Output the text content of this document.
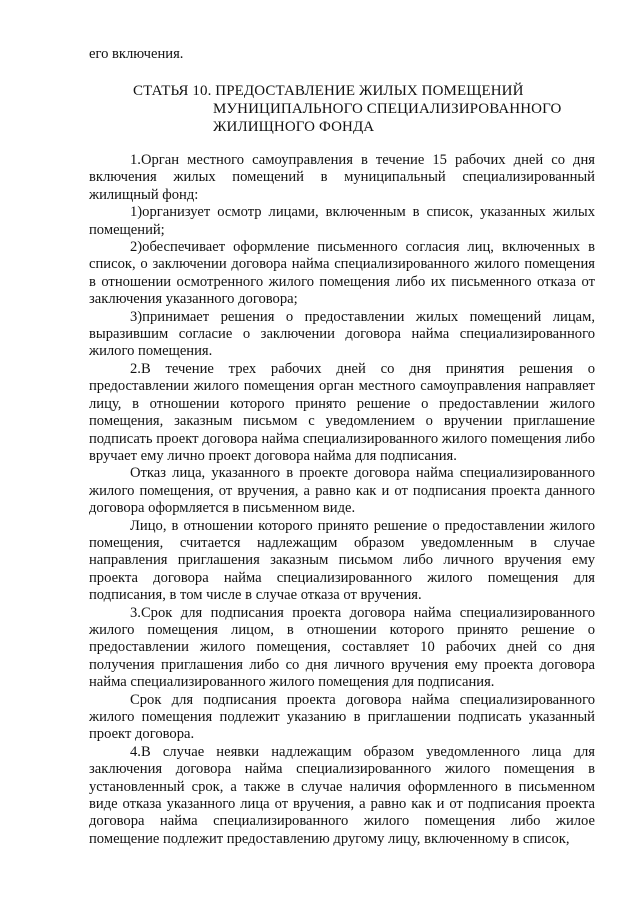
его включения.
СТАТЬЯ 10. ПРЕДОСТАВЛЕНИЕ ЖИЛЫХ ПОМЕЩЕНИЙ
МУНИЦИПАЛЬНОГО СПЕЦИАЛИЗИРОВАННОГО
ЖИЛИЩНОГО ФОНДА

1.Орган местного самоуправления в течение 15 рабочих дней со дня включения жилых помещений в муниципальный специализированный жилищный фонд:

1)организует осмотр лицами, включенным в список, указанных жилых помещений;

2)обеспечивает оформление письменного согласия лиц, включенных в список, о заключении договора найма специализированного жилого помещения в отношении осмотренного жилого помещения либо их письменного отказа от заключения указанного договора;

3)принимает решения о предоставлении жилых помещений лицам, выразившим согласие о заключении договора найма специализированного жилого помещения.

2.В течение трех рабочих дней со дня принятия решения о предоставлении жилого помещения орган местного самоуправления направляет лицу, в отношении которого принято решение о предоставлении жилого помещения, заказным письмом с уведомлением о вручении приглашение подписать проект договора найма специализированного жилого помещения либо вручает ему лично проект договора найма для подписания.

Отказ лица, указанного в проекте договора найма специализированного жилого помещения, от вручения, а равно как и от подписания проекта данного договора оформляется в письменном виде.

Лицо, в отношении которого принято решение о предоставлении жилого помещения, считается надлежащим образом уведомленным в случае направления приглашения заказным письмом либо личного вручения ему проекта договора найма специализированного жилого помещения для подписания, в том числе в случае отказа от вручения.

3.Срок для подписания проекта договора найма специализированного жилого помещения лицом, в отношении которого принято решение о предоставлении жилого помещения, составляет 10 рабочих дней со дня получения приглашения либо со дня личного вручения ему проекта договора найма специализированного жилого помещения для подписания.

Срок для подписания проекта договора найма специализированного жилого помещения подлежит указанию в приглашении подписать указанный проект договора.

4.В случае неявки надлежащим образом уведомленного лица для заключения договора найма специализированного жилого помещения в установленный срок, а также в случае наличия оформленного в письменном виде отказа указанного лица от вручения, а равно как и от подписания проекта договора найма специализированного жилого помещения либо жилое помещение подлежит предоставлению другому лицу, включенному в список,
